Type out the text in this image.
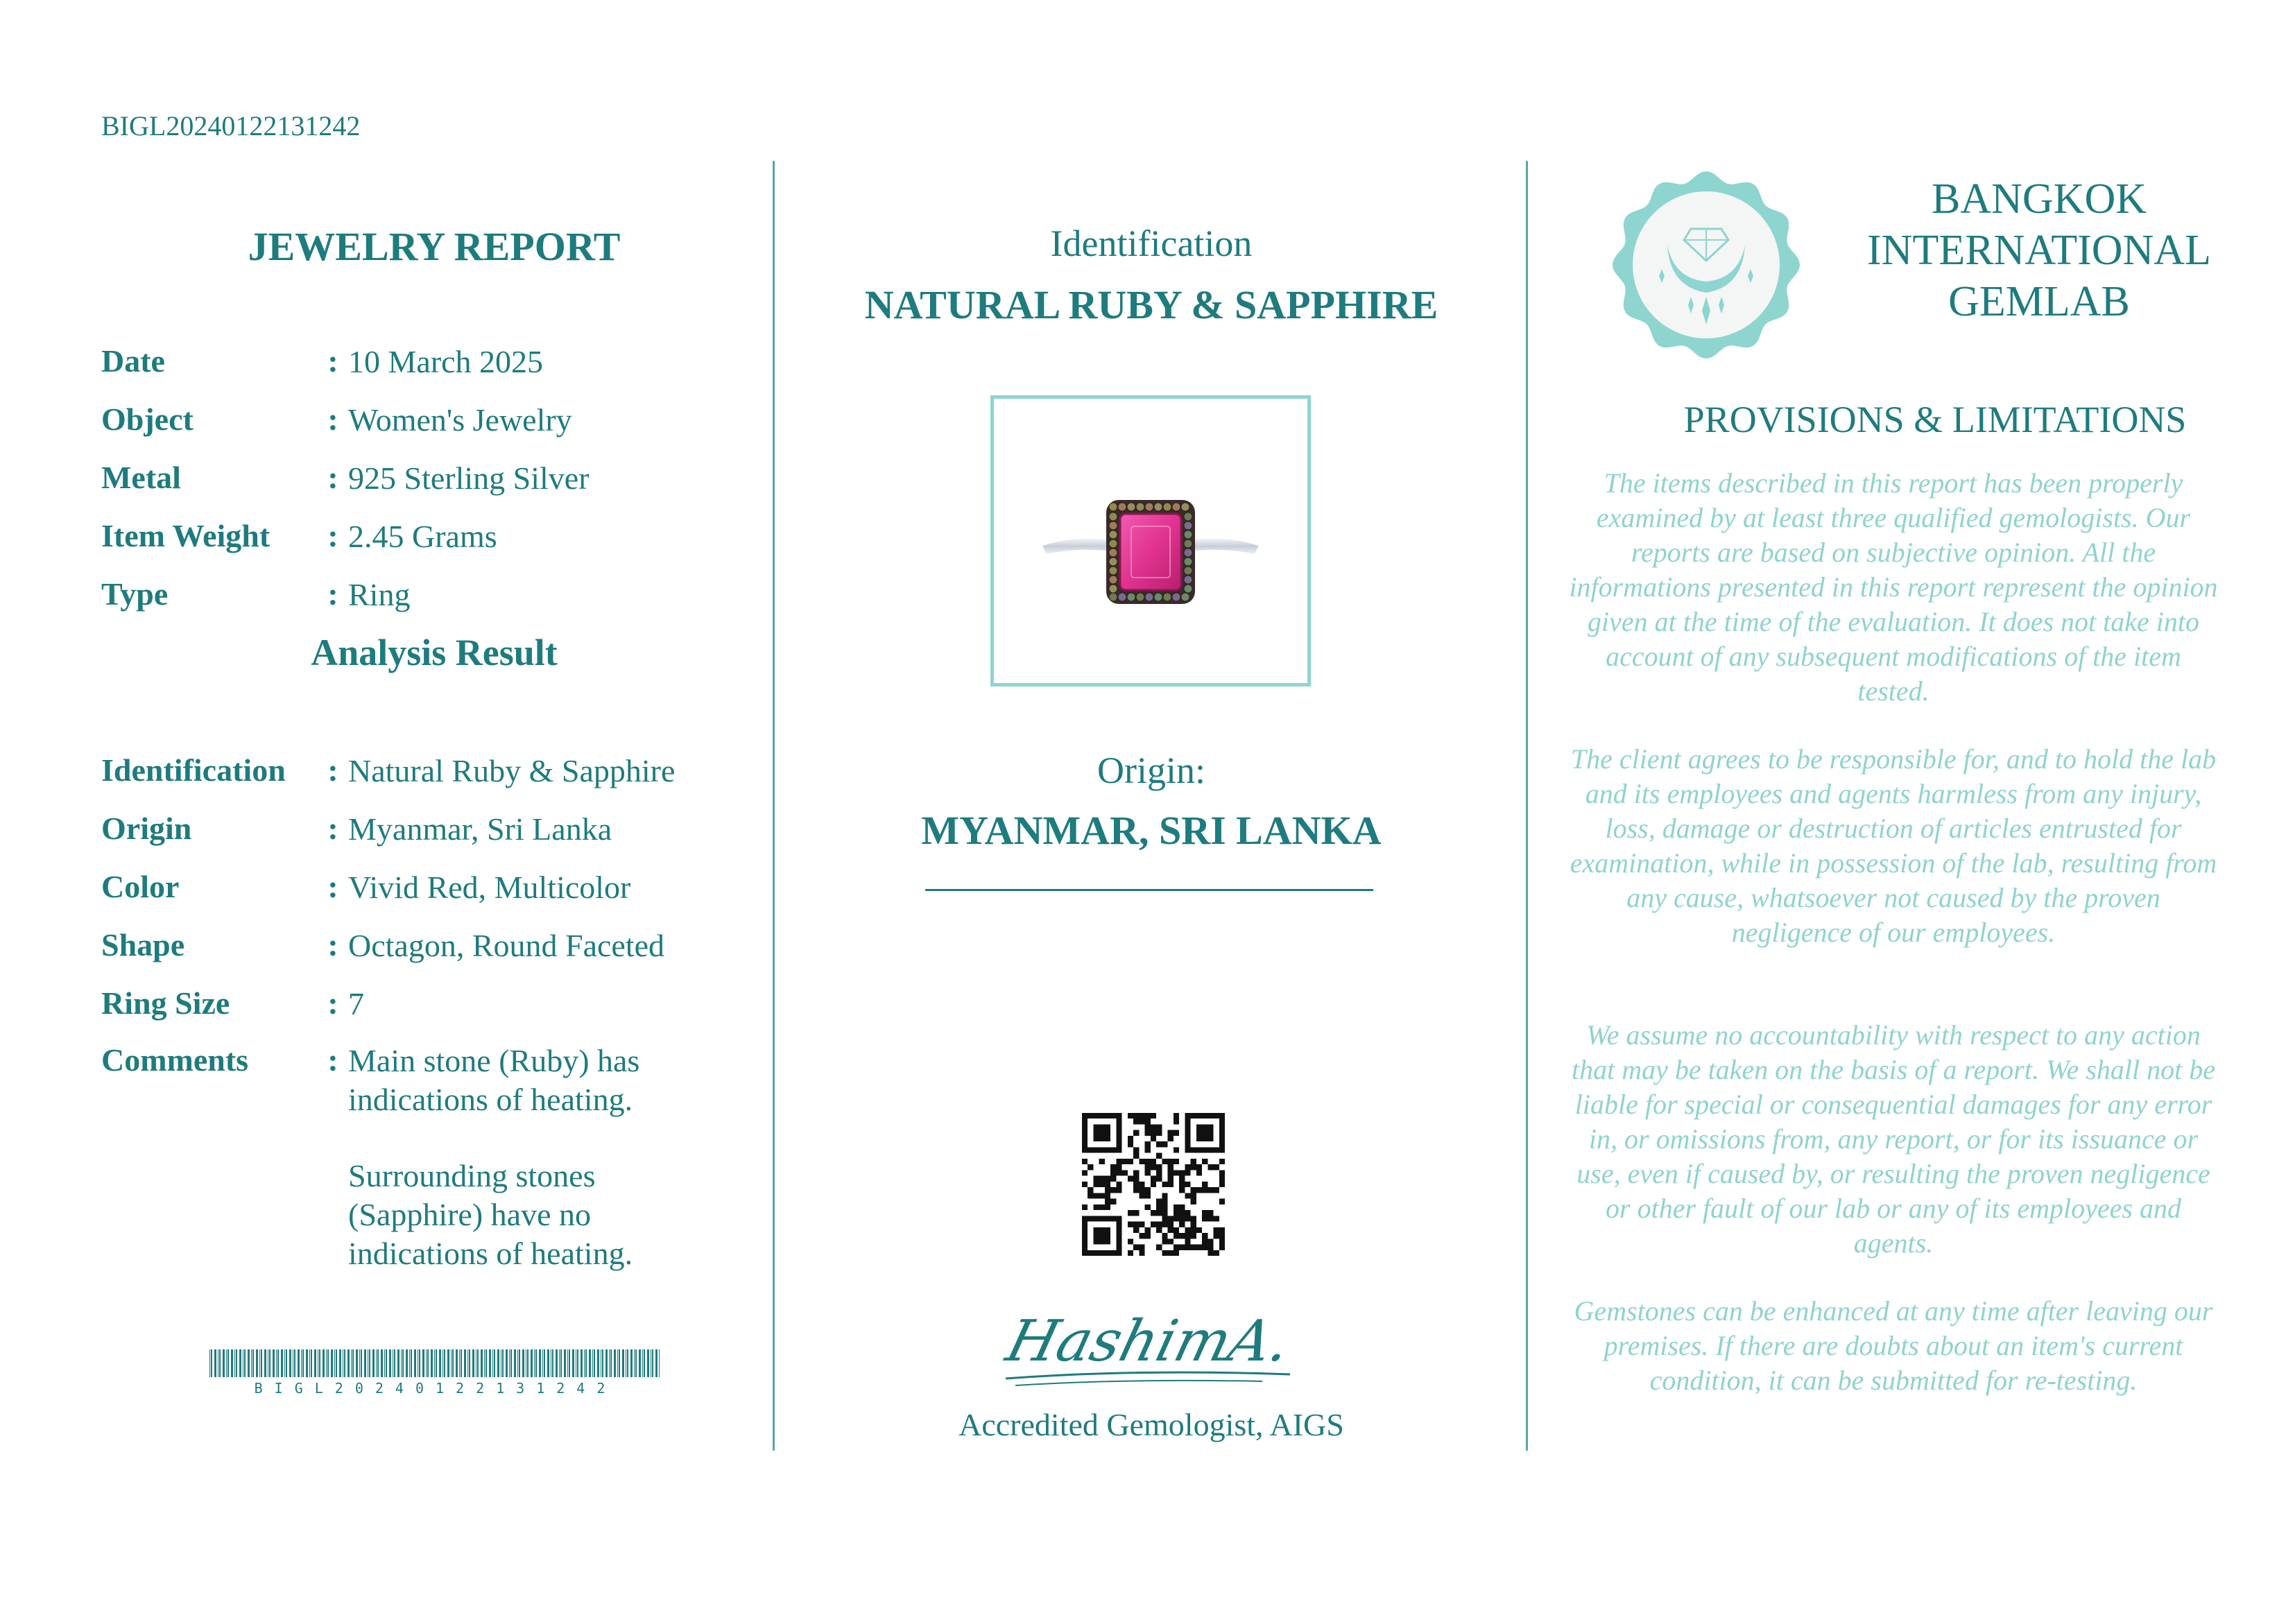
BIGL20240122131242
JEWELRY REPORT
Date	: 10 March 2025
Object	: Women's Jewelry
Metal	: 925 Sterling Silver
Item Weight	: 2.45 Grams
Type	: Ring
Analysis Result
Identification	: Natural Ruby & Sapphire
Origin	: Myanmar, Sri Lanka
Color	: Vivid Red, Multicolor
Shape	: Octagon, Round Faceted
Ring Size	: 7
Comments	: Main stone (Ruby) has indications of heating.
Surrounding stones (Sapphire) have no indications of heating.
BIGL20240122131242
Identification
NATURAL RUBY & SAPPHIRE
Origin:
MYANMAR, SRI LANKA
HashimA.
Accredited Gemologist, AIGS
BANGKOK
INTERNATIONAL
GEMLAB
PROVISIONS & LIMITATIONS
The items described in this report has been properly examined by at least three qualified gemologists. Our reports are based on subjective opinion. All the informations presented in this report represent the opinion given at the time of the evaluation. It does not take into account of any subsequent modifications of the item tested.
The client agrees to be responsible for, and to hold the lab and its employees and agents harmless from any injury, loss, damage or destruction of articles entrusted for examination, while in possession of the lab, resulting from any cause, whatsoever not caused by the proven negligence of our employees.
We assume no accountability with respect to any action that may be taken on the basis of a report. We shall not be liable for special or consequential damages for any error in, or omissions from, any report, or for its issuance or use, even if caused by, or resulting the proven negligence or other fault of our lab or any of its employees and agents.
Gemstones can be enhanced at any time after leaving our premises. If there are doubts about an item's current condition, it can be submitted for re-testing.
